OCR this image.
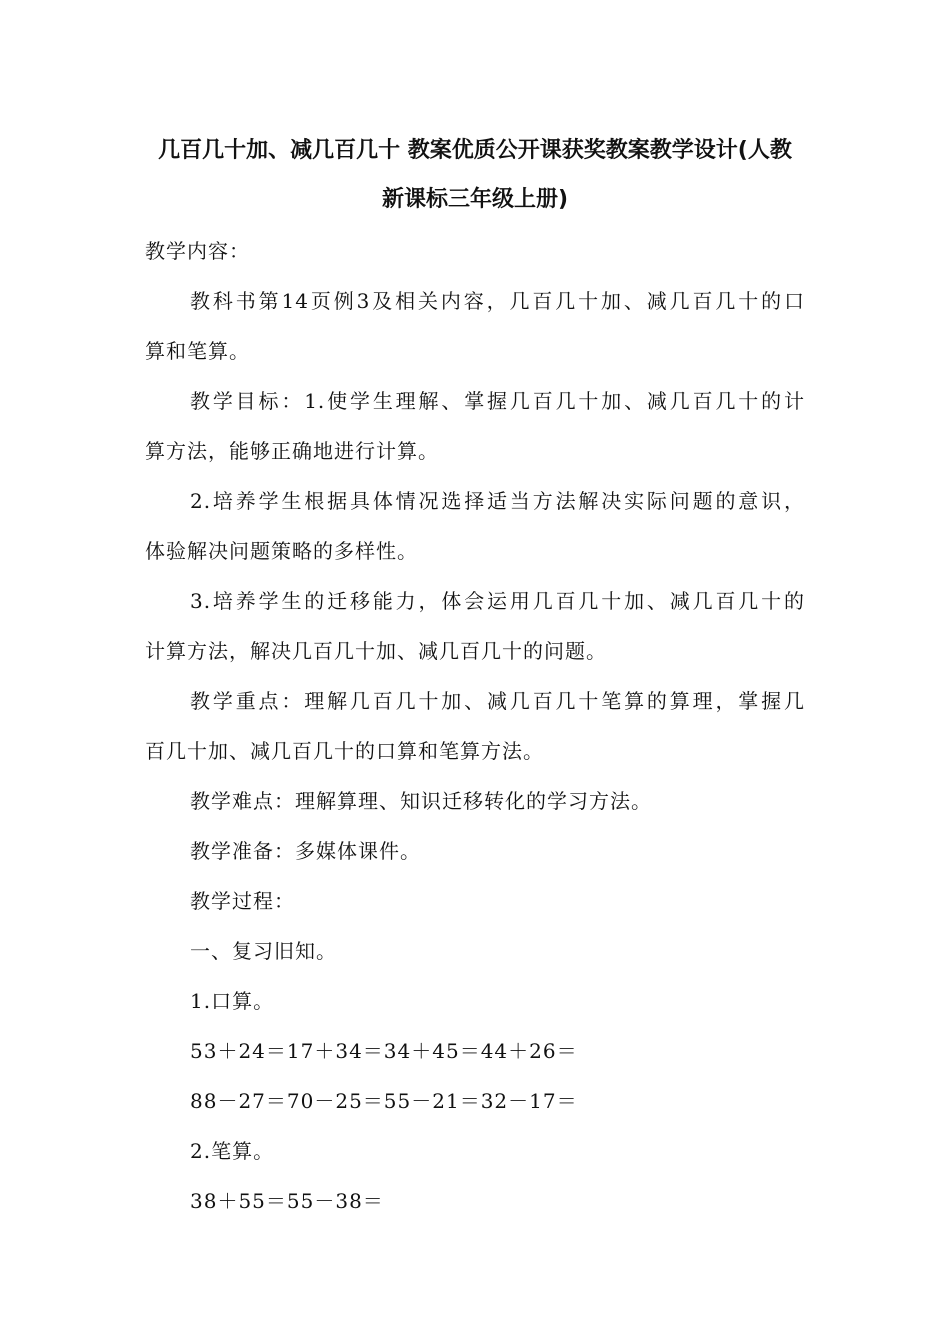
几百几十加、减几百几十 教案优质公开课获奖教案教学设计(人教
新课标三年级上册)
教学内容：
教科书第14页例3及相关内容，几百几十加、减几百几十的口
算和笔算。
教学目标：1.使学生理解、掌握几百几十加、减几百几十的计
算方法，能够正确地进行计算。
2.培养学生根据具体情况选择适当方法解决实际问题的意识，
体验解决问题策略的多样性。
3.培养学生的迁移能力，体会运用几百几十加、减几百几十的
计算方法，解决几百几十加、减几百几十的问题。
教学重点：理解几百几十加、减几百几十笔算的算理，掌握几
百几十加、减几百几十的口算和笔算方法。
教学难点：理解算理、知识迁移转化的学习方法。
教学准备：多媒体课件。
教学过程：
一、复习旧知。
1.口算。
53＋24＝17＋34＝34＋45＝44＋26＝
88－27＝70－25＝55－21＝32－17＝
2.笔算。
38＋55＝55－38＝
